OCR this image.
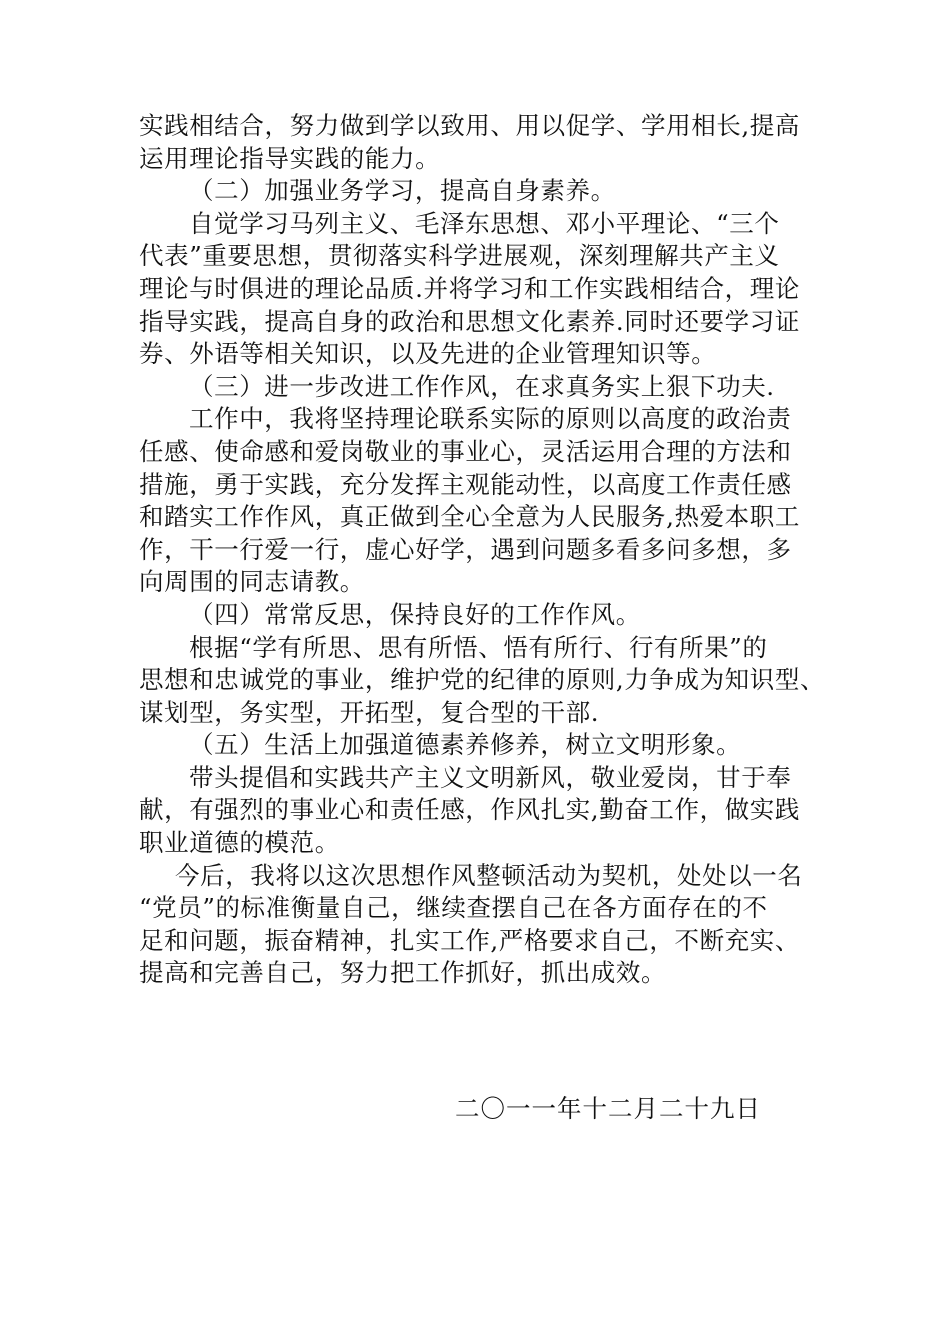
实践相结合，努力做到学以致用、用以促学、学用相长,提高
运用理论指导实践的能力。
（二）加强业务学习，提高自身素养。
自觉学习马列主义、毛泽东思想、邓小平理论、“三个
代表”重要思想，贯彻落实科学进展观，深刻理解共产主义
理论与时俱进的理论品质.并将学习和工作实践相结合，理论
指导实践，提高自身的政治和思想文化素养.同时还要学习证
券、外语等相关知识，以及先进的企业管理知识等。
（三）进一步改进工作作风，在求真务实上狠下功夫.
工作中，我将坚持理论联系实际的原则以高度的政治责
任感、使命感和爱岗敬业的事业心，灵活运用合理的方法和
措施，勇于实践，充分发挥主观能动性，以高度工作责任感
和踏实工作作风，真正做到全心全意为人民服务,热爱本职工
作，干一行爱一行，虚心好学，遇到问题多看多问多想，多
向周围的同志请教。
（四）常常反思，保持良好的工作作风。
根据“学有所思、思有所悟、悟有所行、行有所果”的
思想和忠诚党的事业，维护党的纪律的原则,力争成为知识型、
谋划型，务实型，开拓型，复合型的干部.
（五）生活上加强道德素养修养，树立文明形象。
带头提倡和实践共产主义文明新风，敬业爱岗，甘于奉
献，有强烈的事业心和责任感，作风扎实,勤奋工作，做实践
职业道德的模范。
今后，我将以这次思想作风整顿活动为契机，处处以一名
“党员”的标准衡量自己，继续查摆自己在各方面存在的不
足和问题，振奋精神，扎实工作,严格要求自己，不断充实、
提高和完善自己，努力把工作抓好，抓出成效。
二〇一一年十二月二十九日
